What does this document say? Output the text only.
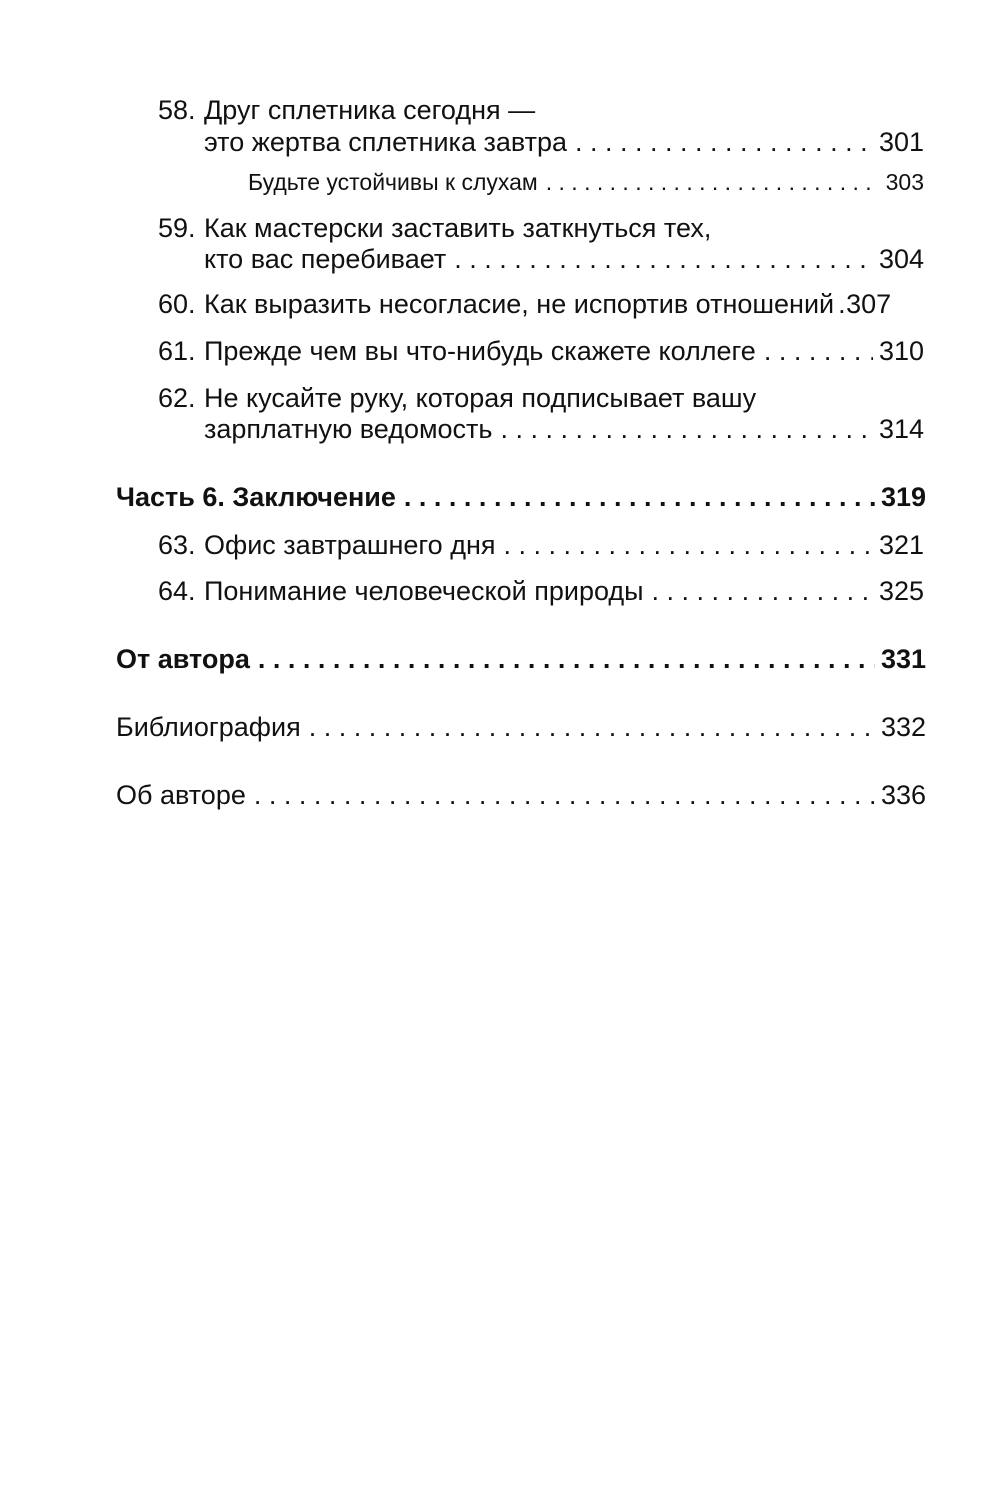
58. Друг сплетника сегодня —
это жертва сплетника завтра . . .	301
Будьте устойчивы к слухам . . .	303
59. Как мастерски заставить заткнуться тех,
кто вас перебивает . . .	304
60. Как выразить несогласие, не испортив отношений . . . 307
61. Прежде чем вы что-нибудь скажете коллеге . . .	310
62. Не кусайте руку, которая подписывает вашу
зарплатную ведомость . . .	314
Часть 6. Заключение . . .	319
63. Офис завтрашнего дня . . .	321
64. Понимание человеческой природы . . .	325
От автора . . .	331
Библиография . . .	332
Об авторе . . .	336
